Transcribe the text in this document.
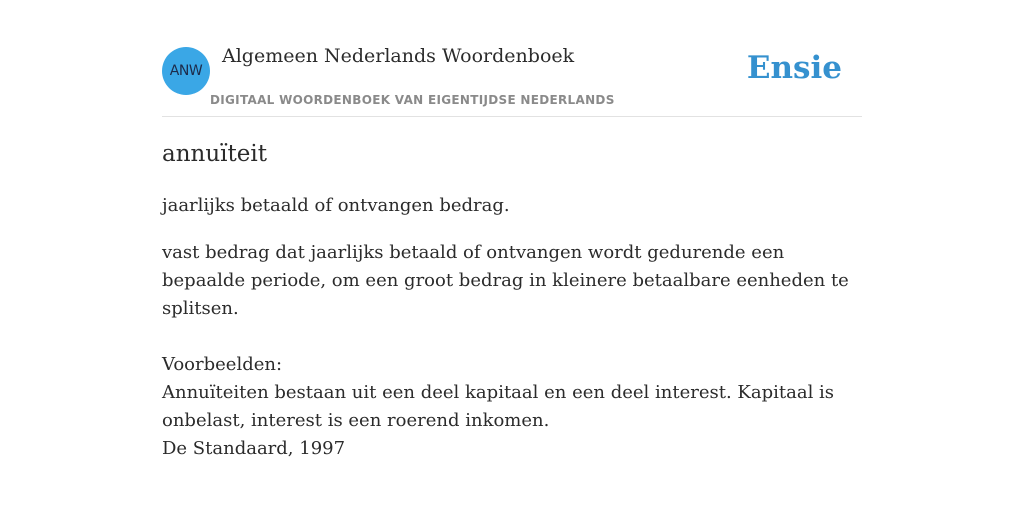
ANW
Algemeen Nederlands Woordenboek
DIGITAAL WOORDENBOEK VAN EIGENTIJDSE NEDERLANDS
Ensie
annuïteit

jaarlijks betaald of ontvangen bedrag.

vast bedrag dat jaarlijks betaald of ontvangen wordt gedurende een bepaalde periode, om een groot bedrag in kleinere betaalbare eenheden te splitsen.

Voorbeelden:
Annuïteiten bestaan uit een deel kapitaal en een deel interest. Kapitaal is onbelast, interest is een roerend inkomen.
De Standaard, 1997
